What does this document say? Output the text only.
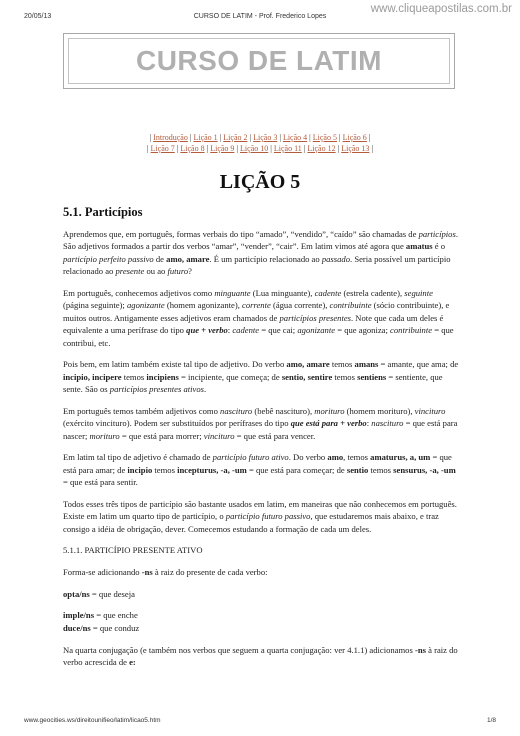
20/05/13	CURSO DE LATIM - Prof. Frederico Lopes
www.cliqueapostilas.com.br
CURSO DE LATIM
| Introdução | Lição 1 | Lição 2 | Lição 3 | Lição 4 | Lição 5 | Lição 6 |
| Lição 7 | Lição 8 | Lição 9 | Lição 10 | Lição 11 | Lição 12 | Lição 13 |
LIÇÃO 5
5.1. Particípios

Aprendemos que, em português, formas verbais do tipo “amado”, “vendido”, “caído” são chamadas de particípios. São adjetivos formados a partir dos verbos “amar”, “vender”, “cair”. Em latim vimos até agora que amatus é o particípio perfeito passivo de amo, amare. É um particípio relacionado ao passado. Seria possível um particípio relacionado ao presente ou ao futuro?

Em português, conhecemos adjetivos como minguante (Lua minguante), cadente (estrela cadente), seguinte (página seguinte); agonizante (homem agonizante), corrente (água corrente), contribuinte (sócio contribuinte), e muitos outros. Antigamente esses adjetivos eram chamados de particípios presentes. Note que cada um deles é equivalente a uma perífrase do tipo que + verbo: cadente = que cai; agonizante = que agoniza; contribuinte = que contribui, etc.

Pois bem, em latim também existe tal tipo de adjetivo. Do verbo amo, amare temos amans = amante, que ama; de incipio, incipere temos incipiens = incipiente, que começa; de sentio, sentire temos sentiens = sentiente, que sente. São os particípios presentes ativos.

Em português temos também adjetivos como nascituro (bebê nascituro), morituro (homem morituro), vincituro (exército vincituro). Podem ser substituídos por perífrases do tipo que está para + verbo: nascituro = que está para nascer; morituro = que está para morrer; vincituro = que está para vencer.

Em latim tal tipo de adjetivo é chamado de particípio futuro ativo. Do verbo amo, temos amaturus, a, um = que está para amar; de incipio temos incepturus, -a, -um = que está para começar; de sentio temos sensurus, -a, -um = que está para sentir.

Todos esses três tipos de particípio são bastante usados em latim, em maneiras que não conhecemos em português. Existe em latim um quarto tipo de particípio, o particípio futuro passivo, que estudaremos mais abaixo, e traz consigo a idéia de obrigação, dever. Comecemos estudando a formação de cada um deles.

5.1.1. PARTICÍPIO PRESENTE ATIVO

Forma-se adicionando -ns à raiz do presente de cada verbo:

opta/ns = que deseja

imple/ns = que enche

duce/ns = que conduz

Na quarta conjugação (e também nos verbos que seguem a quarta conjugação: ver 4.1.1) adicionamos -ns à raiz do verbo acrescida de e:

www.geocities.ws/direitounifieo/latim/licao5.htm	1/8
